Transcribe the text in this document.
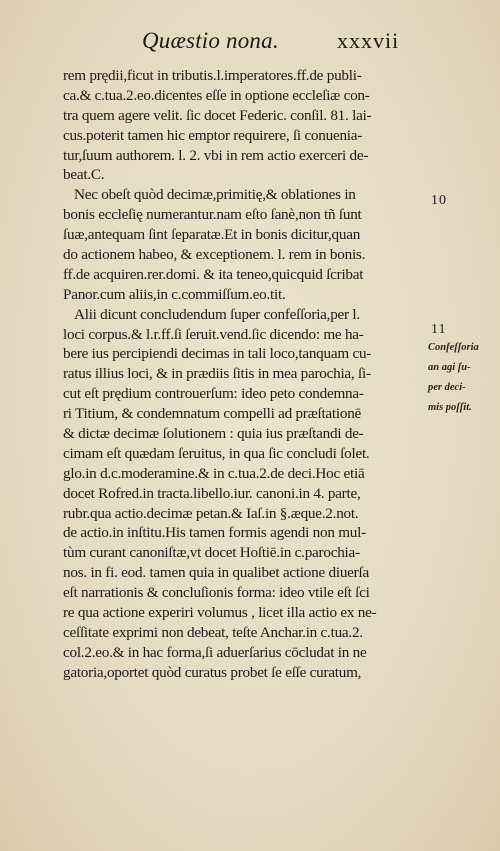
Quæstio nona.	xxxvii
rem prędii,ficut in tributis.l.imperatores.ff.de publi-
ca.& c.tua.2.eo.dicentes eſſe in optione eccleſiæ con-
tra quem agere velit. ſic docet Federic. conſil. 81. lai-
cus.poterit tamen hic emptor requirere, ſi conuenia-
tur,ſuum authorem. l. 2. vbi in rem actio exerceri de-
beat.C.
Nec obeſt quòd decimæ,primitię,& oblationes in
bonis eccleſię numerantur.nam eſto ſanè,non tñ ſunt
ſuæ,antequam ſint ſeparatæ.Et in bonis dicitur,quan
do actionem habeo, & exceptionem. l. rem in bonis.
ff.de acquiren.rer.domi. & ita teneo,quicquid ſcribat
Panor.cum aliis,in c.commiſſum.eo.tit.
Alii dicunt concludendum ſuper confeſſoria,per l.
loci corpus.& l.r.ff.ſi ſeruit.vend.ſic dicendo: me ha-
bere ius percipiendi decimas in tali loco,tanquam cu-
ratus illius loci, & in prædiis ſitis in mea parochia, ſi-
cut eſt prędium controuerſum: ideo peto condemna-
ri Titium, & condemnatum compelli ad præſtationē
& dictæ decimæ ſolutionem : quia ius præſtandi de-
cimam eſt quædam ſeruitus, in qua ſic concludi ſolet.
glo.in d.c.moderamine.& in c.tua.2.de deci.Hoc etiā
docet Rofred.in tracta.libello.iur. canoni.in 4. parte,
rubr.qua actio.decimæ petan.& Iaſ.in §.æque.2.not.
de actio.in inſtitu.His tamen formis agendi non mul-
tùm curant canoniſtæ,vt docet Hoſtiē.in c.parochia-
nos. in fi. eod. tamen quia in qualibet actione diuerſa
eſt narrationis & concluſionis forma: ideo vtile eſt ſci
re qua actione experiri volumus , licet illa actio ex ne-
ceſſitate exprimi non debeat, teſte Anchar.in c.tua.2.
col.2.eo.& in hac forma,ſi aduerſarius cōcludat in ne
gatoria,oportet quòd curatus probet ſe eſſe curatum,
10
11
Confeſſoria
an agi ſu-
per deci-
mis poſſit.
